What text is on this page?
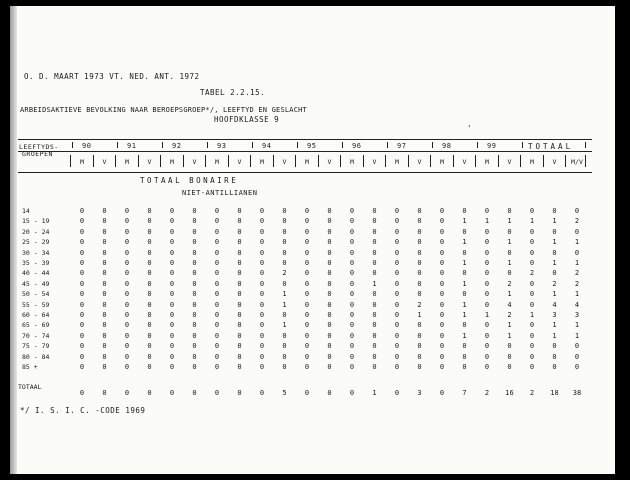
O. D. MAART 1973 VT. NED. ANT. 1972
TABEL 2.2.15.
ARBEIDSAKTIEVE BEVOLKING NAAR BEROEPSGROEP*/, LEEFTYD EN GESLACHT
HOOFDKLASSE 9
'
LEEFTYDS-
GROEPEN
TOTAAL BONAIRE
NIET-ANTILLIANEN
*/ I. S. I. C. -CODE 1969
90	91	92	93	94	95	96	97	98	99	TOTAAL
M	V	M	V	M	V	M	V	M	V	M	V	M	V	M	V	M	V	M	V	M	V	M/V
14	0	0	0	0	0	0	0	0	0	0	0	0	0	0	0	0	0	0	0	0	0	0	0
15 - 19	0	0	0	0	0	0	0	0	0	0	0	0	0	0	0	0	0	1	1	1	1	1	2
20 - 24	0	0	0	0	0	0	0	0	0	0	0	0	0	0	0	0	0	0	0	0	0	0	0
25 - 29	0	0	0	0	0	0	0	0	0	0	0	0	0	0	0	0	0	1	0	1	0	1	1
30 - 34	0	0	0	0	0	0	0	0	0	0	0	0	0	0	0	0	0	0	0	0	0	0	0
35 - 39	0	0	0	0	0	0	0	0	0	0	0	0	0	0	0	0	0	1	0	1	0	1	1
40 - 44	0	0	0	0	0	0	0	0	0	2	0	0	0	0	0	0	0	0	0	0	2	0	2
45 - 49	0	0	0	0	0	0	0	0	0	0	0	0	0	1	0	0	0	1	0	2	0	2	2
50 - 54	0	0	0	0	0	0	0	0	0	1	0	0	0	0	0	0	0	0	0	1	0	1	1
55 - 59	0	0	0	0	0	0	0	0	0	1	0	0	0	0	0	2	0	1	0	4	0	4	4
60 - 64	0	0	0	0	0	0	0	0	0	0	0	0	0	0	0	1	0	1	1	2	1	3	3
65 - 69	0	0	0	0	0	0	0	0	0	1	0	0	0	0	0	0	0	0	0	1	0	1	1
70 - 74	0	0	0	0	0	0	0	0	0	0	0	0	0	0	0	0	0	1	0	1	0	1	1
75 - 79	0	0	0	0	0	0	0	0	0	0	0	0	0	0	0	0	0	0	0	0	0	0	0
80 - 84	0	0	0	0	0	0	0	0	0	0	0	0	0	0	0	0	0	0	0	0	0	0	0
85 +	0	0	0	0	0	0	0	0	0	0	0	0	0	0	0	0	0	0	0	0	0	0	0
TOTAAL
0	0	0	0	0	0	0	0	0	5	0	0	0	1	0	3	0	7	2	16	2	18	38
